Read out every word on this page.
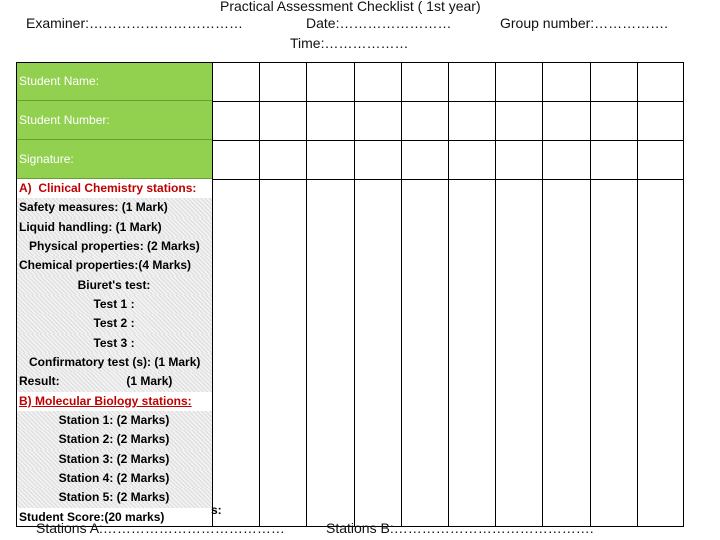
Practical Assessment Checklist ( 1st year)
Examiner:……………………………	Date:……………………	Group number:…………….
Time:………………
Student Name:
Student Number:
Signature:
A)  Clinical Chemistry stations:
Safety measures: (1 Mark)
Liquid handling: (1 Mark)
Physical properties: (2 Marks)
Chemical properties:(4 Marks)
Biuret's test:
Test 1 :
Test 2 :
Test 3 :
Confirmatory test (s): (1 Mark)
Result:                    (1 Mark)
B) Molecular Biology stations:
Station 1: (2 Marks)
Station 2: (2 Marks)
Station 3: (2 Marks)
Station 4: (2 Marks)
Station 5: (2 Marks)
Student Score:(20 marks)	s:
Stations A:…………………………………	Stations B:…………………………………….
